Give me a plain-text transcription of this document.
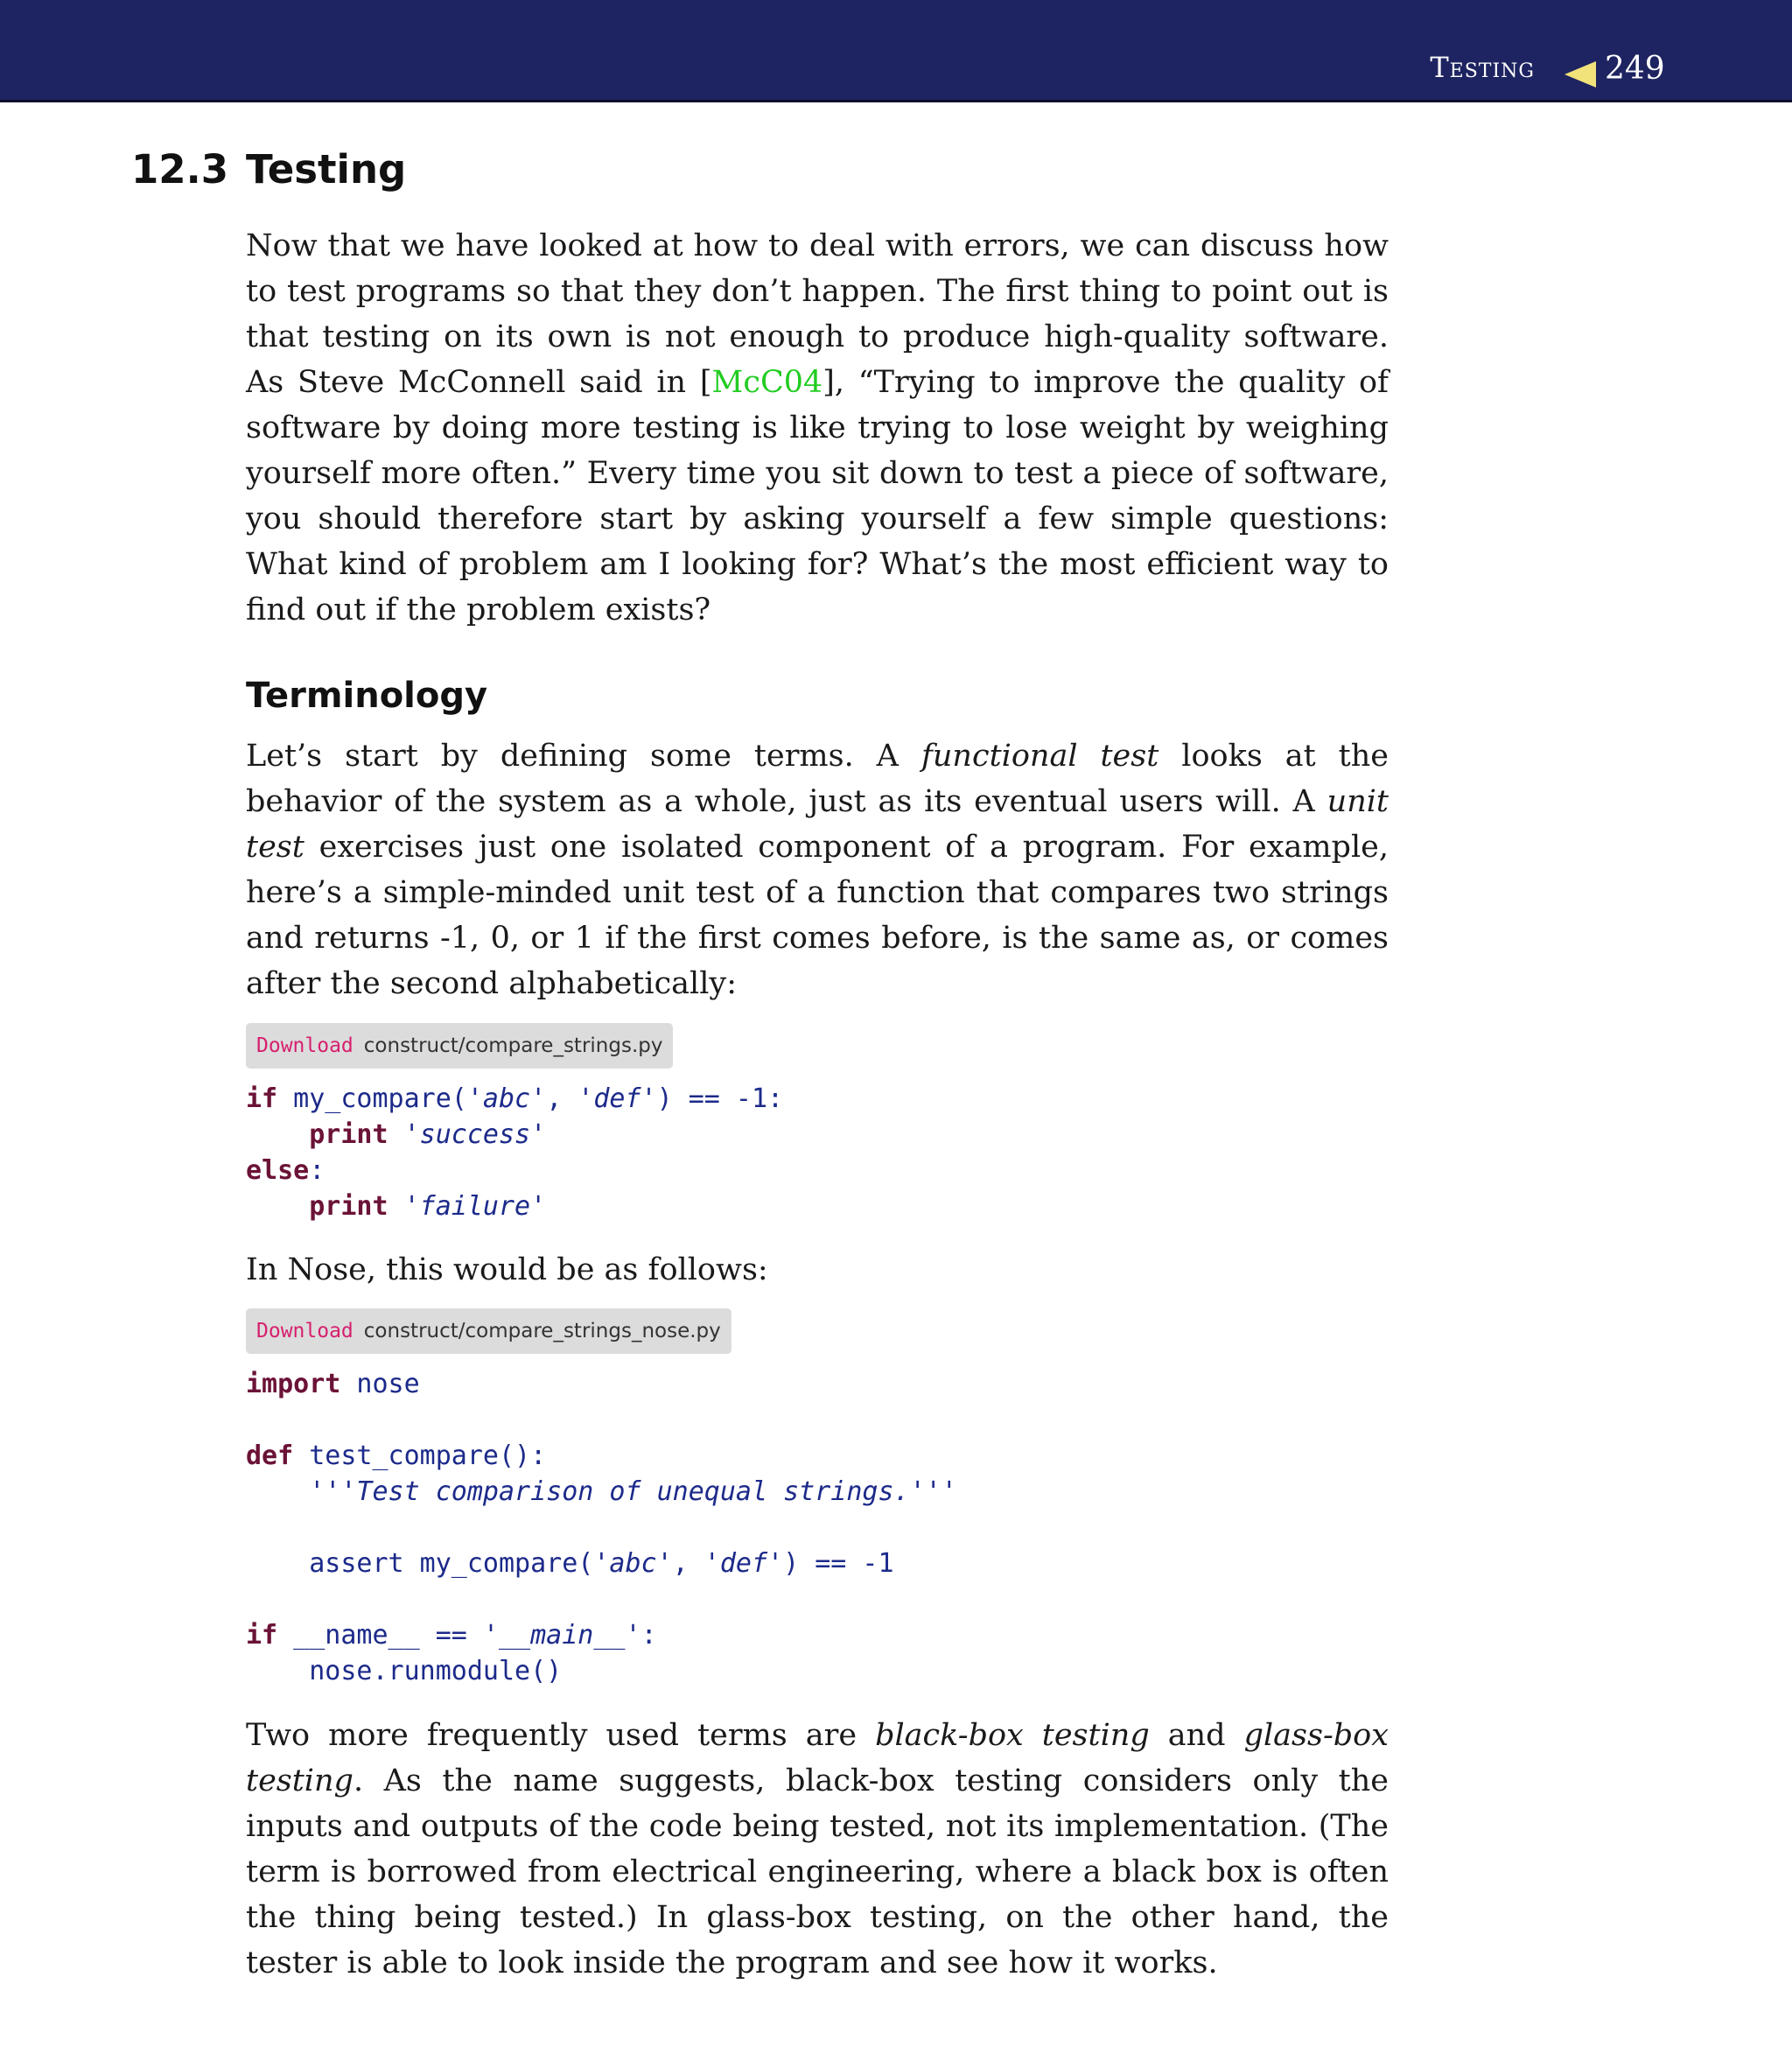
Testing 249
12.3 Testing

Now that we have looked at how to deal with errors, we can discuss how to test programs so that they don’t happen. The first thing to point out is that testing on its own is not enough to produce high-quality software. As Steve McConnell said in [McC04], “Trying to improve the quality of software by doing more testing is like trying to lose weight by weighing yourself more often.” Every time you sit down to test a piece of software, you should therefore start by asking yourself a few simple questions: What kind of problem am I looking for? What’s the most efficient way to find out if the problem exists?

Terminology

Let’s start by defining some terms. A functional test looks at the behavior of the system as a whole, just as its eventual users will. A unit test exercises just one isolated component of a program. For example, here’s a simple-minded unit test of a function that compares two strings and returns -1, 0, or 1 if the first comes before, is the same as, or comes after the second alphabetically:

Download construct/compare_strings.py
if my_compare('abc', 'def') == -1:
print 'success'
else:
print 'failure'

In Nose, this would be as follows:

Download construct/compare_strings_nose.py
import nose

def test_compare():
'''Test comparison of unequal strings.'''

assert my_compare('abc', 'def') == -1

if __name__ == '__main__':
nose.runmodule()

Two more frequently used terms are black-box testing and glass-box testing. As the name suggests, black-box testing considers only the inputs and outputs of the code being tested, not its implementation. (The term is borrowed from electrical engineering, where a black box is often the thing being tested.) In glass-box testing, on the other hand, the tester is able to look inside the program and see how it works.
